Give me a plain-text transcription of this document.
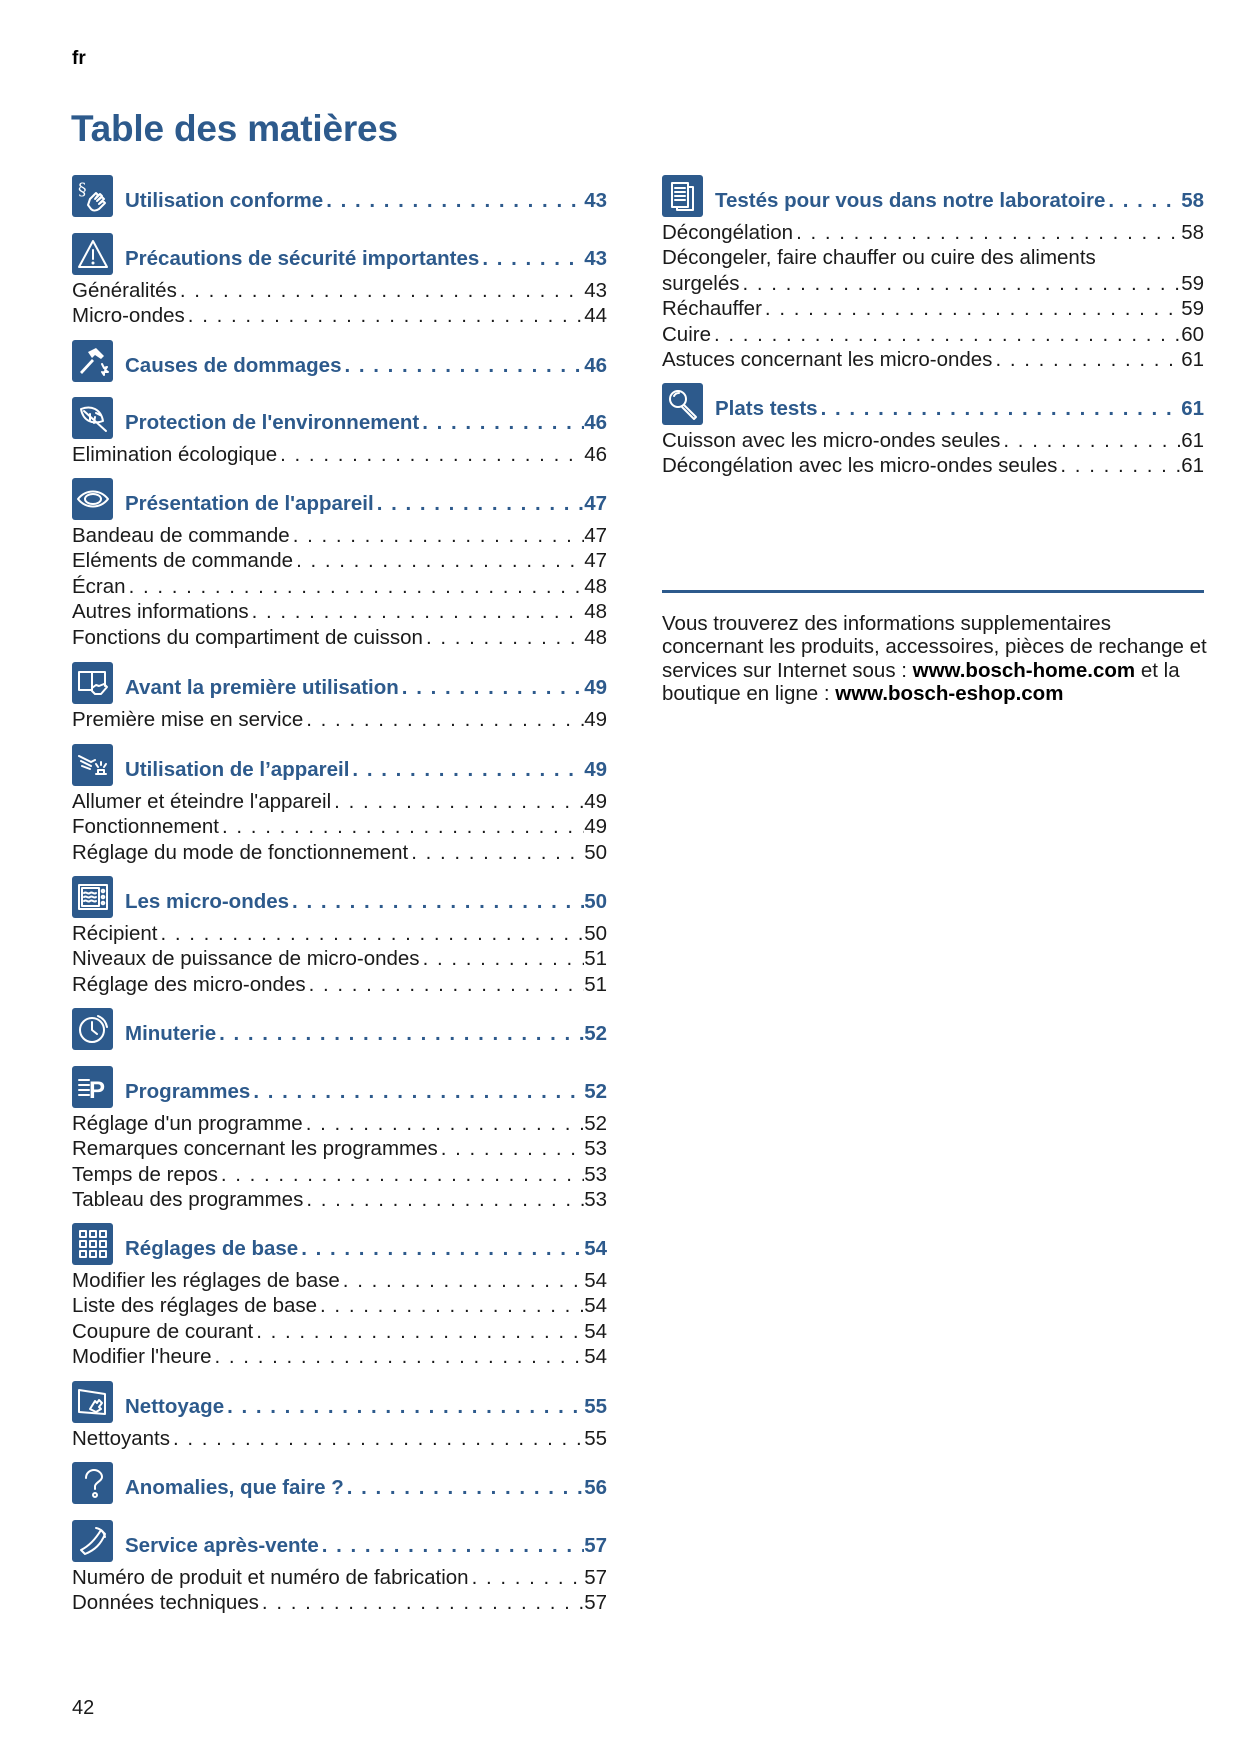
fr
Table des matières
§ Utilisation conforme . . .	43
Précautions de sécurité importantes . . .	43
Généralités . . .	43
Micro-ondes . . .	44
Causes de dommages . . .	46
Protection de l'environnement . . .	46
Elimination écologique . . .	46
Présentation de l'appareil . . .	47
Bandeau de commande . . .	47
Eléments de commande . . .	47
Écran . . .	48
Autres informations . . .	48
Fonctions du compartiment de cuisson . . .	48
Avant la première utilisation . . .	49
Première mise en service . . .	49
Utilisation de l’appareil . . .	49
Allumer et éteindre l'appareil . . .	49
Fonctionnement . . .	49
Réglage du mode de fonctionnement . . .	50
Les micro-ondes . . .	50
Récipient . . .	50
Niveaux de puissance de micro-ondes . . .	51
Réglage des micro-ondes . . .	51
Minuterie . . .	52
P Programmes . . .	52
Réglage d'un programme . . .	52
Remarques concernant les programmes . . .	53
Temps de repos . . .	53
Tableau des programmes . . .	53
Réglages de base . . .	54
Modifier les réglages de base . . .	54
Liste des réglages de base . . .	54
Coupure de courant . . .	54
Modifier l'heure . . .	54
Nettoyage . . .	55
Nettoyants . . .	55
Anomalies, que faire ? . . .	56
Service après-vente . . .	57
Numéro de produit et numéro de fabrication . . .	57
Données techniques . . .	57
Testés pour vous dans notre laboratoire . . .	58
Décongélation . . .	58
Décongeler, faire chauffer ou cuire des aliments
surgelés . . .	59
Réchauffer . . .	59
Cuire . . .	60
Astuces concernant les micro-ondes . . .	61
Plats tests . . .	61
Cuisson avec les micro-ondes seules . . .	61
Décongélation avec les micro-ondes seules . . .	61
Vous trouverez des informations supplementaires concernant les produits, accessoires, pièces de rechange et services sur Internet sous : www.bosch-home.com et la boutique en ligne : www.bosch-eshop.com
42
